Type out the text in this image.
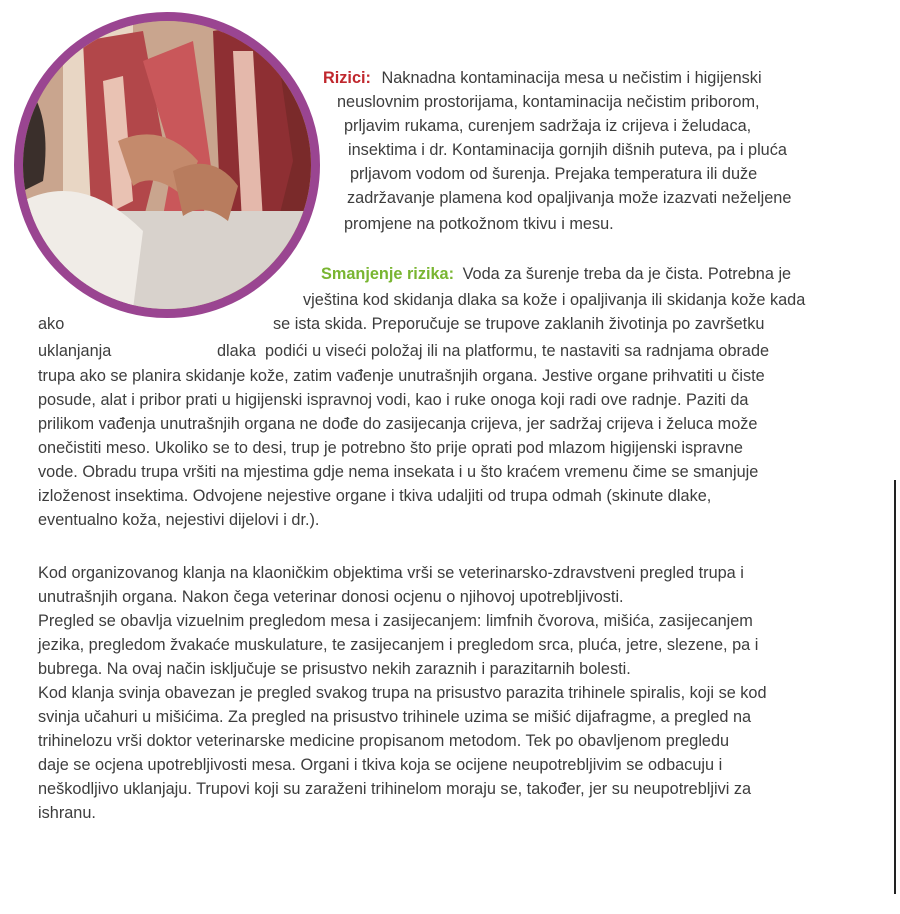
Rizici: Naknadna kontaminacija mesa u nečistim i higijenski
neuslovnim prostorijama, kontaminacija nečistim priborom,
prljavim rukama, curenjem sadržaja iz crijeva i želudaca,
insektima i dr. Kontaminacija gornjih dišnih puteva, pa i pluća
prljavom vodom od šurenja. Prejaka temperatura ili duže
zadržavanje plamena kod opaljivanja može izazvati neželjene
promjene na potkožnom tkivu i mesu.
Smanjenje rizika: Voda za šurenje treba da je čista. Potrebna je
vještina kod skidanja dlaka sa kože i opaljivanja ili skidanja kože kada
ako	se ista skida. Preporučuje se trupove zaklanih životinja po završetku
uklanjanja	dlaka podići u viseći položaj ili na platformu, te nastaviti sa radnjama obrade
trupa ako se planira skidanje kože, zatim vađenje unutrašnjih organa. Jestive organe prihvatiti u čiste
posude, alat i pribor prati u higijenski ispravnoj vodi, kao i ruke onoga koji radi ove radnje. Paziti da
prilikom vađenja unutrašnjih organa ne dođe do zasijecanja crijeva, jer sadržaj crijeva i želuca može
onečistiti meso. Ukoliko se to desi, trup je potrebno što prije oprati pod mlazom higijenski ispravne
vode. Obradu trupa vršiti na mjestima gdje nema insekata i u što kraćem vremenu čime se smanjuje
izloženost insektima. Odvojene nejestive organe i tkiva udaljiti od trupa odmah (skinute dlake,
eventualno koža, nejestivi dijelovi i dr.).
Kod organizovanog klanja na klaoničkim objektima vrši se veterinarsko-zdravstveni pregled trupa i
unutrašnjih organa. Nakon čega veterinar donosi ocjenu o njihovoj upotrebljivosti.
Pregled se obavlja vizuelnim pregledom mesa i zasijecanjem: limfnih čvorova, mišića, zasijecanjem
jezika, pregledom žvakaće muskulature, te zasijecanjem i pregledom srca, pluća, jetre, slezene, pa i
bubrega. Na ovaj način isključuje se prisustvo nekih zaraznih i parazitarnih bolesti.
Kod klanja svinja obavezan je pregled svakog trupa na prisustvo parazita trihinele spiralis, koji se kod
svinja učahuri u mišićima. Za pregled na prisustvo trihinele uzima se mišić dijafragme, a pregled na
trihinelozu vrši doktor veterinarske medicine propisanom metodom. Tek po obavljenom pregledu
daje se ocjena upotrebljivosti mesa. Organi i tkiva koja se ocijene neupotrebljivim se odbacuju i
neškodljivo uklanjaju. Trupovi koji su zaraženi trihinelom moraju se, također, jer su neupotrebljivi za
ishranu.
